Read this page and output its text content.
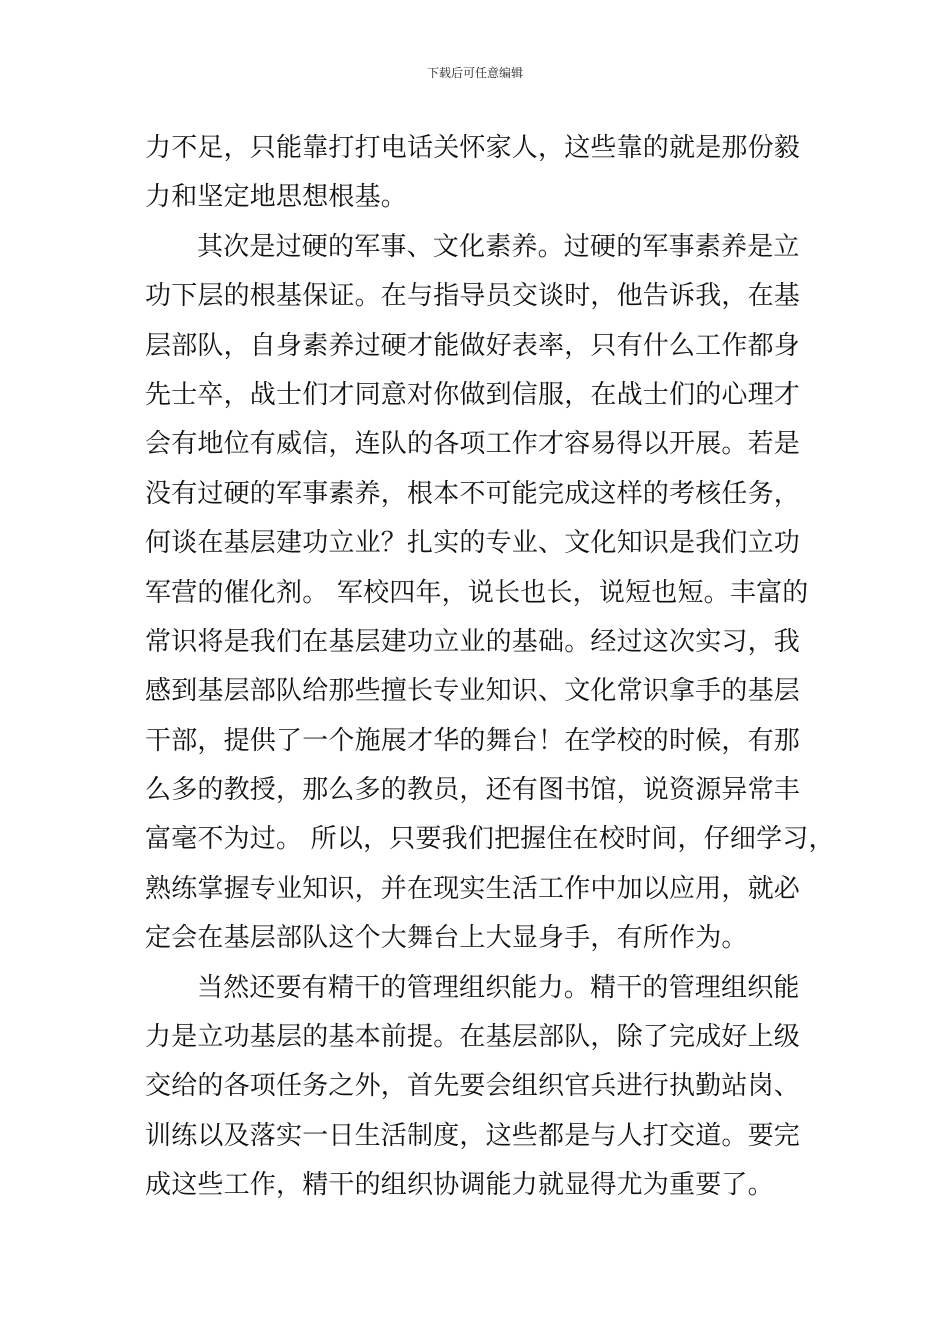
下载后可任意编辑
力不足，只能靠打打电话关怀家人，这些靠的就是那份毅
力和坚定地思想根基。
其次是过硬的军事、文化素养。过硬的军事素养是立
功下层的根基保证。在与指导员交谈时，他告诉我，在基
层部队，自身素养过硬才能做好表率，只有什么工作都身
先士卒，战士们才同意对你做到信服，在战士们的心理才
会有地位有威信，连队的各项工作才容易得以开展。若是
没有过硬的军事素养，根本不可能完成这样的考核任务，
何谈在基层建功立业？扎实的专业、文化知识是我们立功
军营的催化剂。 军校四年，说长也长，说短也短。丰富的
常识将是我们在基层建功立业的基础。经过这次实习，我
感到基层部队给那些擅长专业知识、文化常识拿手的基层
干部，提供了一个施展才华的舞台！在学校的时候，有那
么多的教授，那么多的教员，还有图书馆，说资源异常丰
富毫不为过。 所以，只要我们把握住在校时间，仔细学习，
熟练掌握专业知识，并在现实生活工作中加以应用，就必
定会在基层部队这个大舞台上大显身手，有所作为。
当然还要有精干的管理组织能力。精干的管理组织能
力是立功基层的基本前提。在基层部队，除了完成好上级
交给的各项任务之外，首先要会组织官兵进行执勤站岗、
训练以及落实一日生活制度，这些都是与人打交道。要完
成这些工作，精干的组织协调能力就显得尤为重要了。
